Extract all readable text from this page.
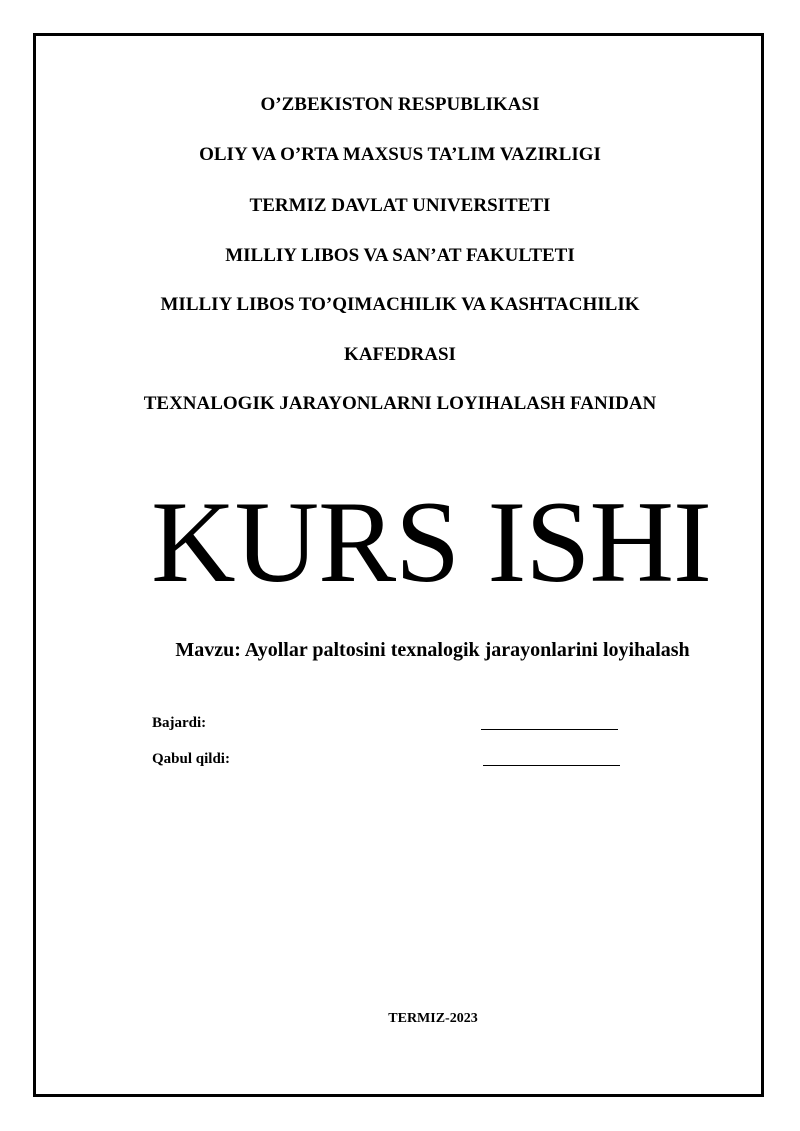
O’ZBEKISTON RESPUBLIKASI
OLIY VA O’RTA MAXSUS TA’LIM VAZIRLIGI
TERMIZ DAVLAT UNIVERSITETI
MILLIY LIBOS VA SAN’AT FAKULTETI
MILLIY LIBOS TO’QIMACHILIK VA KASHTACHILIK
KAFEDRASI
TEXNALOGIK JARAYONLARNI LOYIHALASH FANIDAN
KURS ISHI
Mavzu: Ayollar paltosini texnalogik jarayonlarini loyihalash
Bajardi:
Qabul qildi:
TERMIZ-2023
